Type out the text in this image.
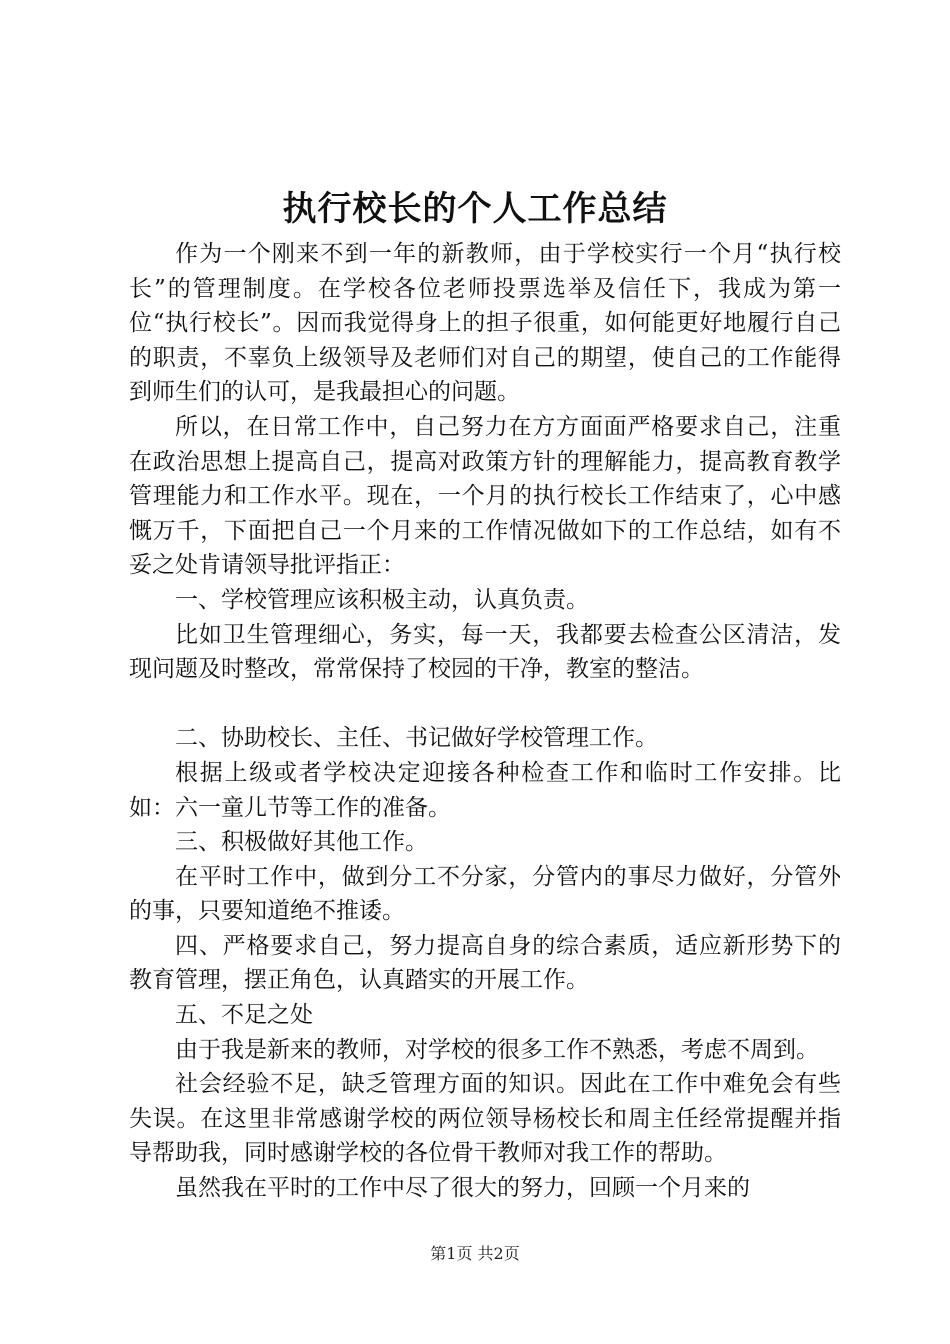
执行校长的个人工作总结

作为一个刚来不到一年的新教师，由于学校实行一个月“执行校长”的管理制度。在学校各位老师投票选举及信任下，我成为第一位“执行校长”。因而我觉得身上的担子很重，如何能更好地履行自己的职责，不辜负上级领导及老师们对自己的期望，使自己的工作能得到师生们的认可，是我最担心的问题。

所以，在日常工作中，自己努力在方方面面严格要求自己，注重在政治思想上提高自己，提高对政策方针的理解能力，提高教育教学管理能力和工作水平。现在，一个月的执行校长工作结束了，心中感慨万千，下面把自己一个月来的工作情况做如下的工作总结，如有不妥之处肯请领导批评指正：

一、学校管理应该积极主动，认真负责。

比如卫生管理细心，务实，每一天，我都要去检查公区清洁，发现问题及时整改，常常保持了校园的干净，教室的整洁。

二、协助校长、主任、书记做好学校管理工作。

根据上级或者学校决定迎接各种检查工作和临时工作安排。比如：六一童儿节等工作的准备。

三、积极做好其他工作。

在平时工作中，做到分工不分家，分管内的事尽力做好，分管外的事，只要知道绝不推诿。

四、严格要求自己，努力提高自身的综合素质，适应新形势下的教育管理，摆正角色，认真踏实的开展工作。

五、不足之处

由于我是新来的教师，对学校的很多工作不熟悉，考虑不周到。

社会经验不足，缺乏管理方面的知识。因此在工作中难免会有些失误。在这里非常感谢学校的两位领导杨校长和周主任经常提醒并指导帮助我，同时感谢学校的各位骨干教师对我工作的帮助。

虽然我在平时的工作中尽了很大的努力，回顾一个月来的

第1页 共2页
